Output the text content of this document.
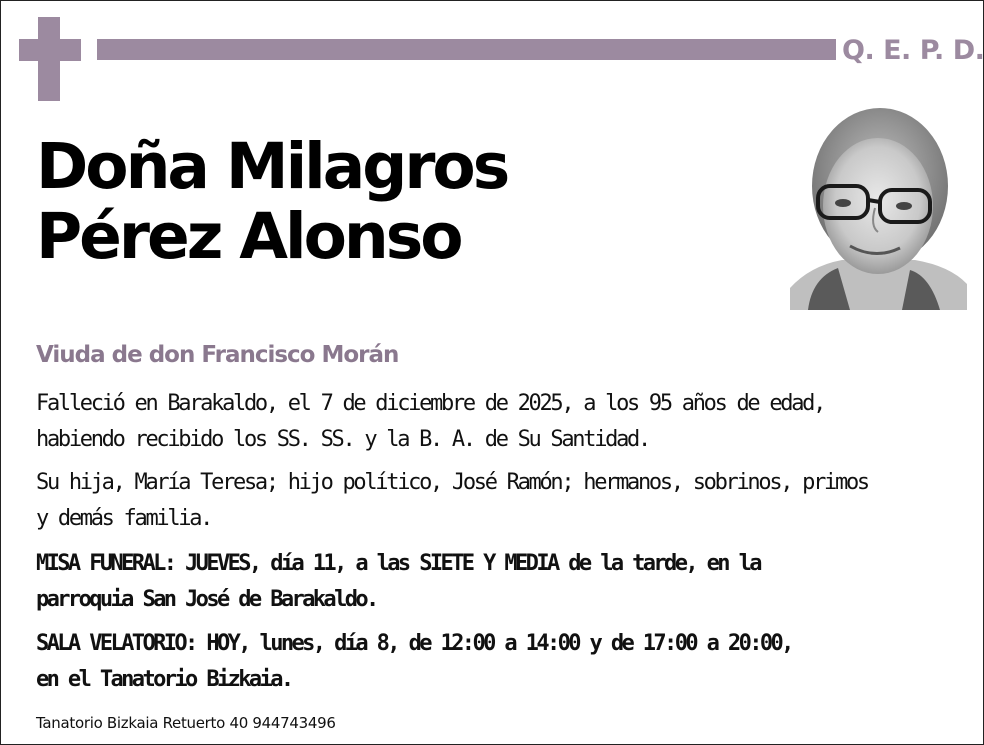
Q. E. P. D.
Doña Milagros
Pérez Alonso
Viuda de don Francisco Morán
Falleció en Barakaldo, el 7 de diciembre de 2025, a los 95 años de edad,
habiendo recibido los SS. SS. y la B. A. de Su Santidad.
Su hija, María Teresa; hijo político, José Ramón; hermanos, sobrinos, primos
y demás familia.
MISA FUNERAL: JUEVES, día 11, a las SIETE Y MEDIA de la tarde, en la
parroquia San José de Barakaldo.
SALA VELATORIO: HOY, lunes, día 8, de 12:00 a 14:00 y de 17:00 a 20:00,
en el Tanatorio Bizkaia.
Tanatorio Bizkaia Retuerto 40 944743496
